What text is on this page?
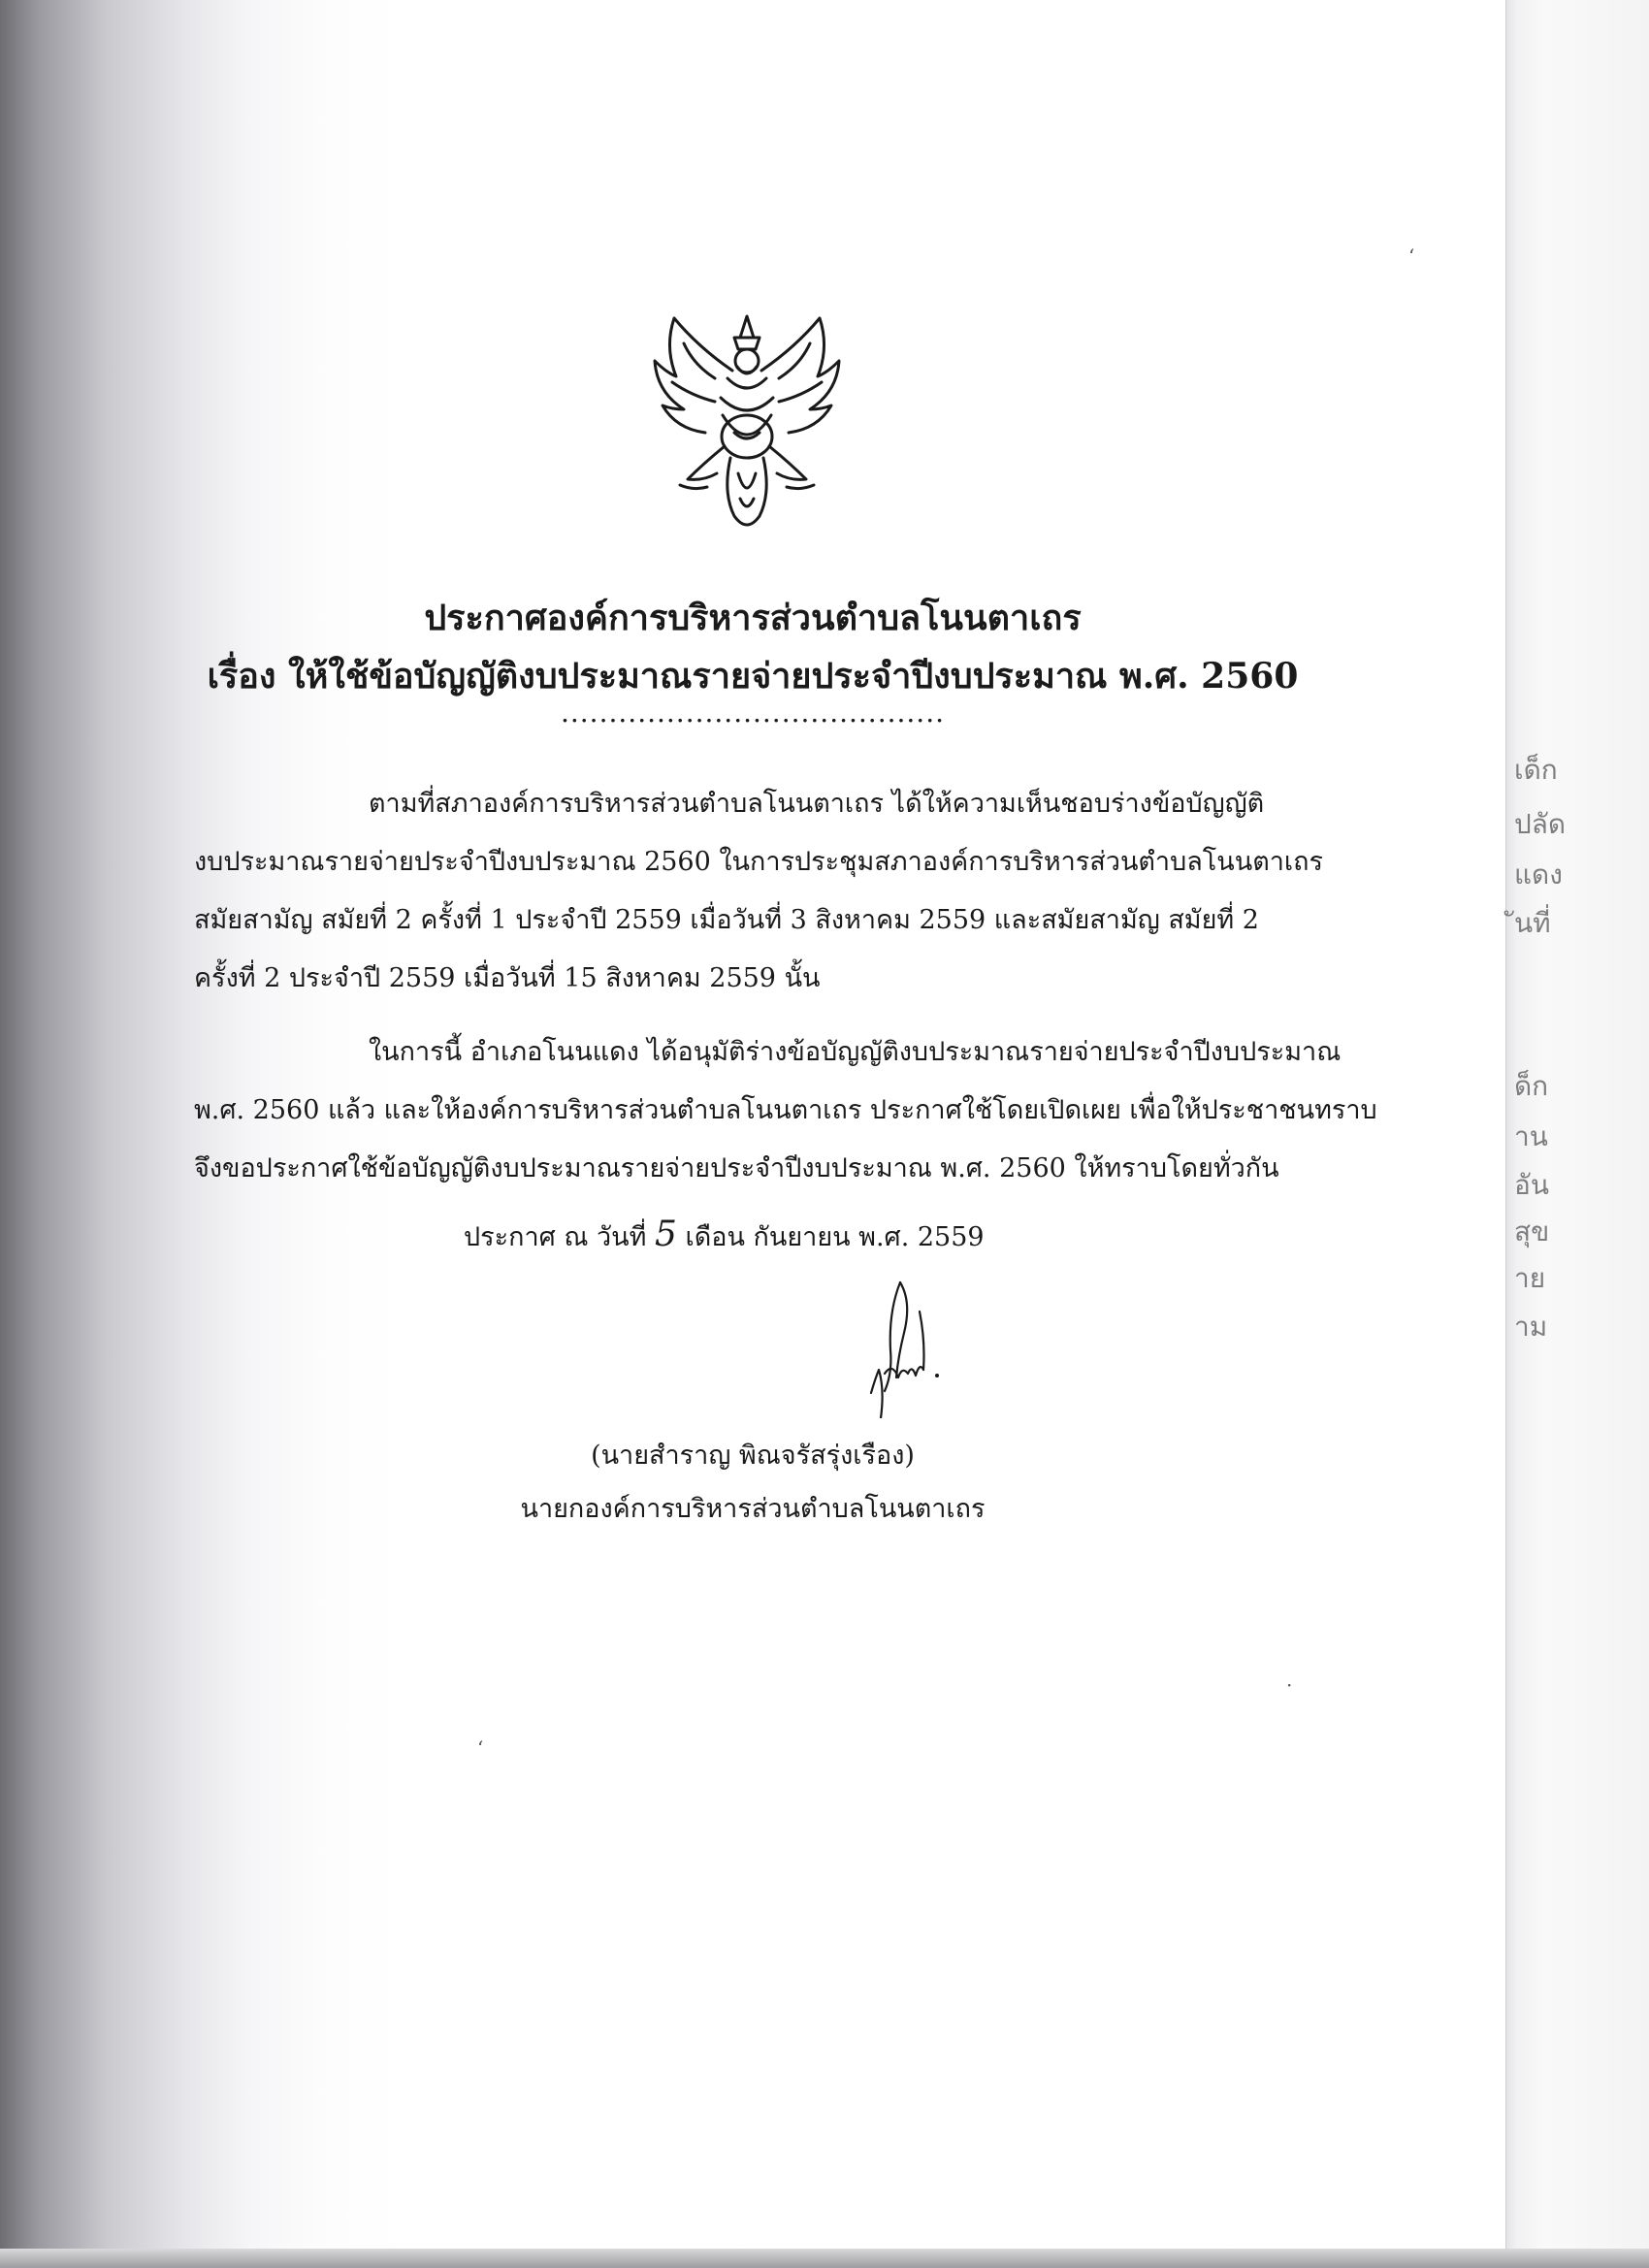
เด็ก
ปลัด
แดง
ันที่
ด็ก
าน
อัน
สุข
าย
าม
ʻ
ʻ
·
ประกาศองค์การบริหารส่วนตำบลโนนตาเถร
เรื่อง ให้ใช้ข้อบัญญัติงบประมาณรายจ่ายประจำปีงบประมาณ พ.ศ. 2560
........................................
ตามที่สภาองค์การบริหารส่วนตำบลโนนตาเถร ได้ให้ความเห็นชอบร่างข้อบัญญัติ
งบประมาณรายจ่ายประจำปีงบประมาณ 2560 ในการประชุมสภาองค์การบริหารส่วนตำบลโนนตาเถร
สมัยสามัญ สมัยที่ 2 ครั้งที่ 1 ประจำปี 2559 เมื่อวันที่ 3 สิงหาคม 2559 และสมัยสามัญ สมัยที่ 2
ครั้งที่ 2 ประจำปี 2559 เมื่อวันที่ 15 สิงหาคม 2559 นั้น
ในการนี้ อำเภอโนนแดง ได้อนุมัติร่างข้อบัญญัติงบประมาณรายจ่ายประจำปีงบประมาณ
พ.ศ. 2560 แล้ว และให้องค์การบริหารส่วนตำบลโนนตาเถร ประกาศใช้โดยเปิดเผย เพื่อให้ประชาชนทราบ
จึงขอประกาศใช้ข้อบัญญัติงบประมาณรายจ่ายประจำปีงบประมาณ พ.ศ. 2560 ให้ทราบโดยทั่วกัน
ประกาศ ณ วันที่ 5 เดือน กันยายน พ.ศ. 2559
(นายสำราญ พิณจรัสรุ่งเรือง)
นายกองค์การบริหารส่วนตำบลโนนตาเถร
